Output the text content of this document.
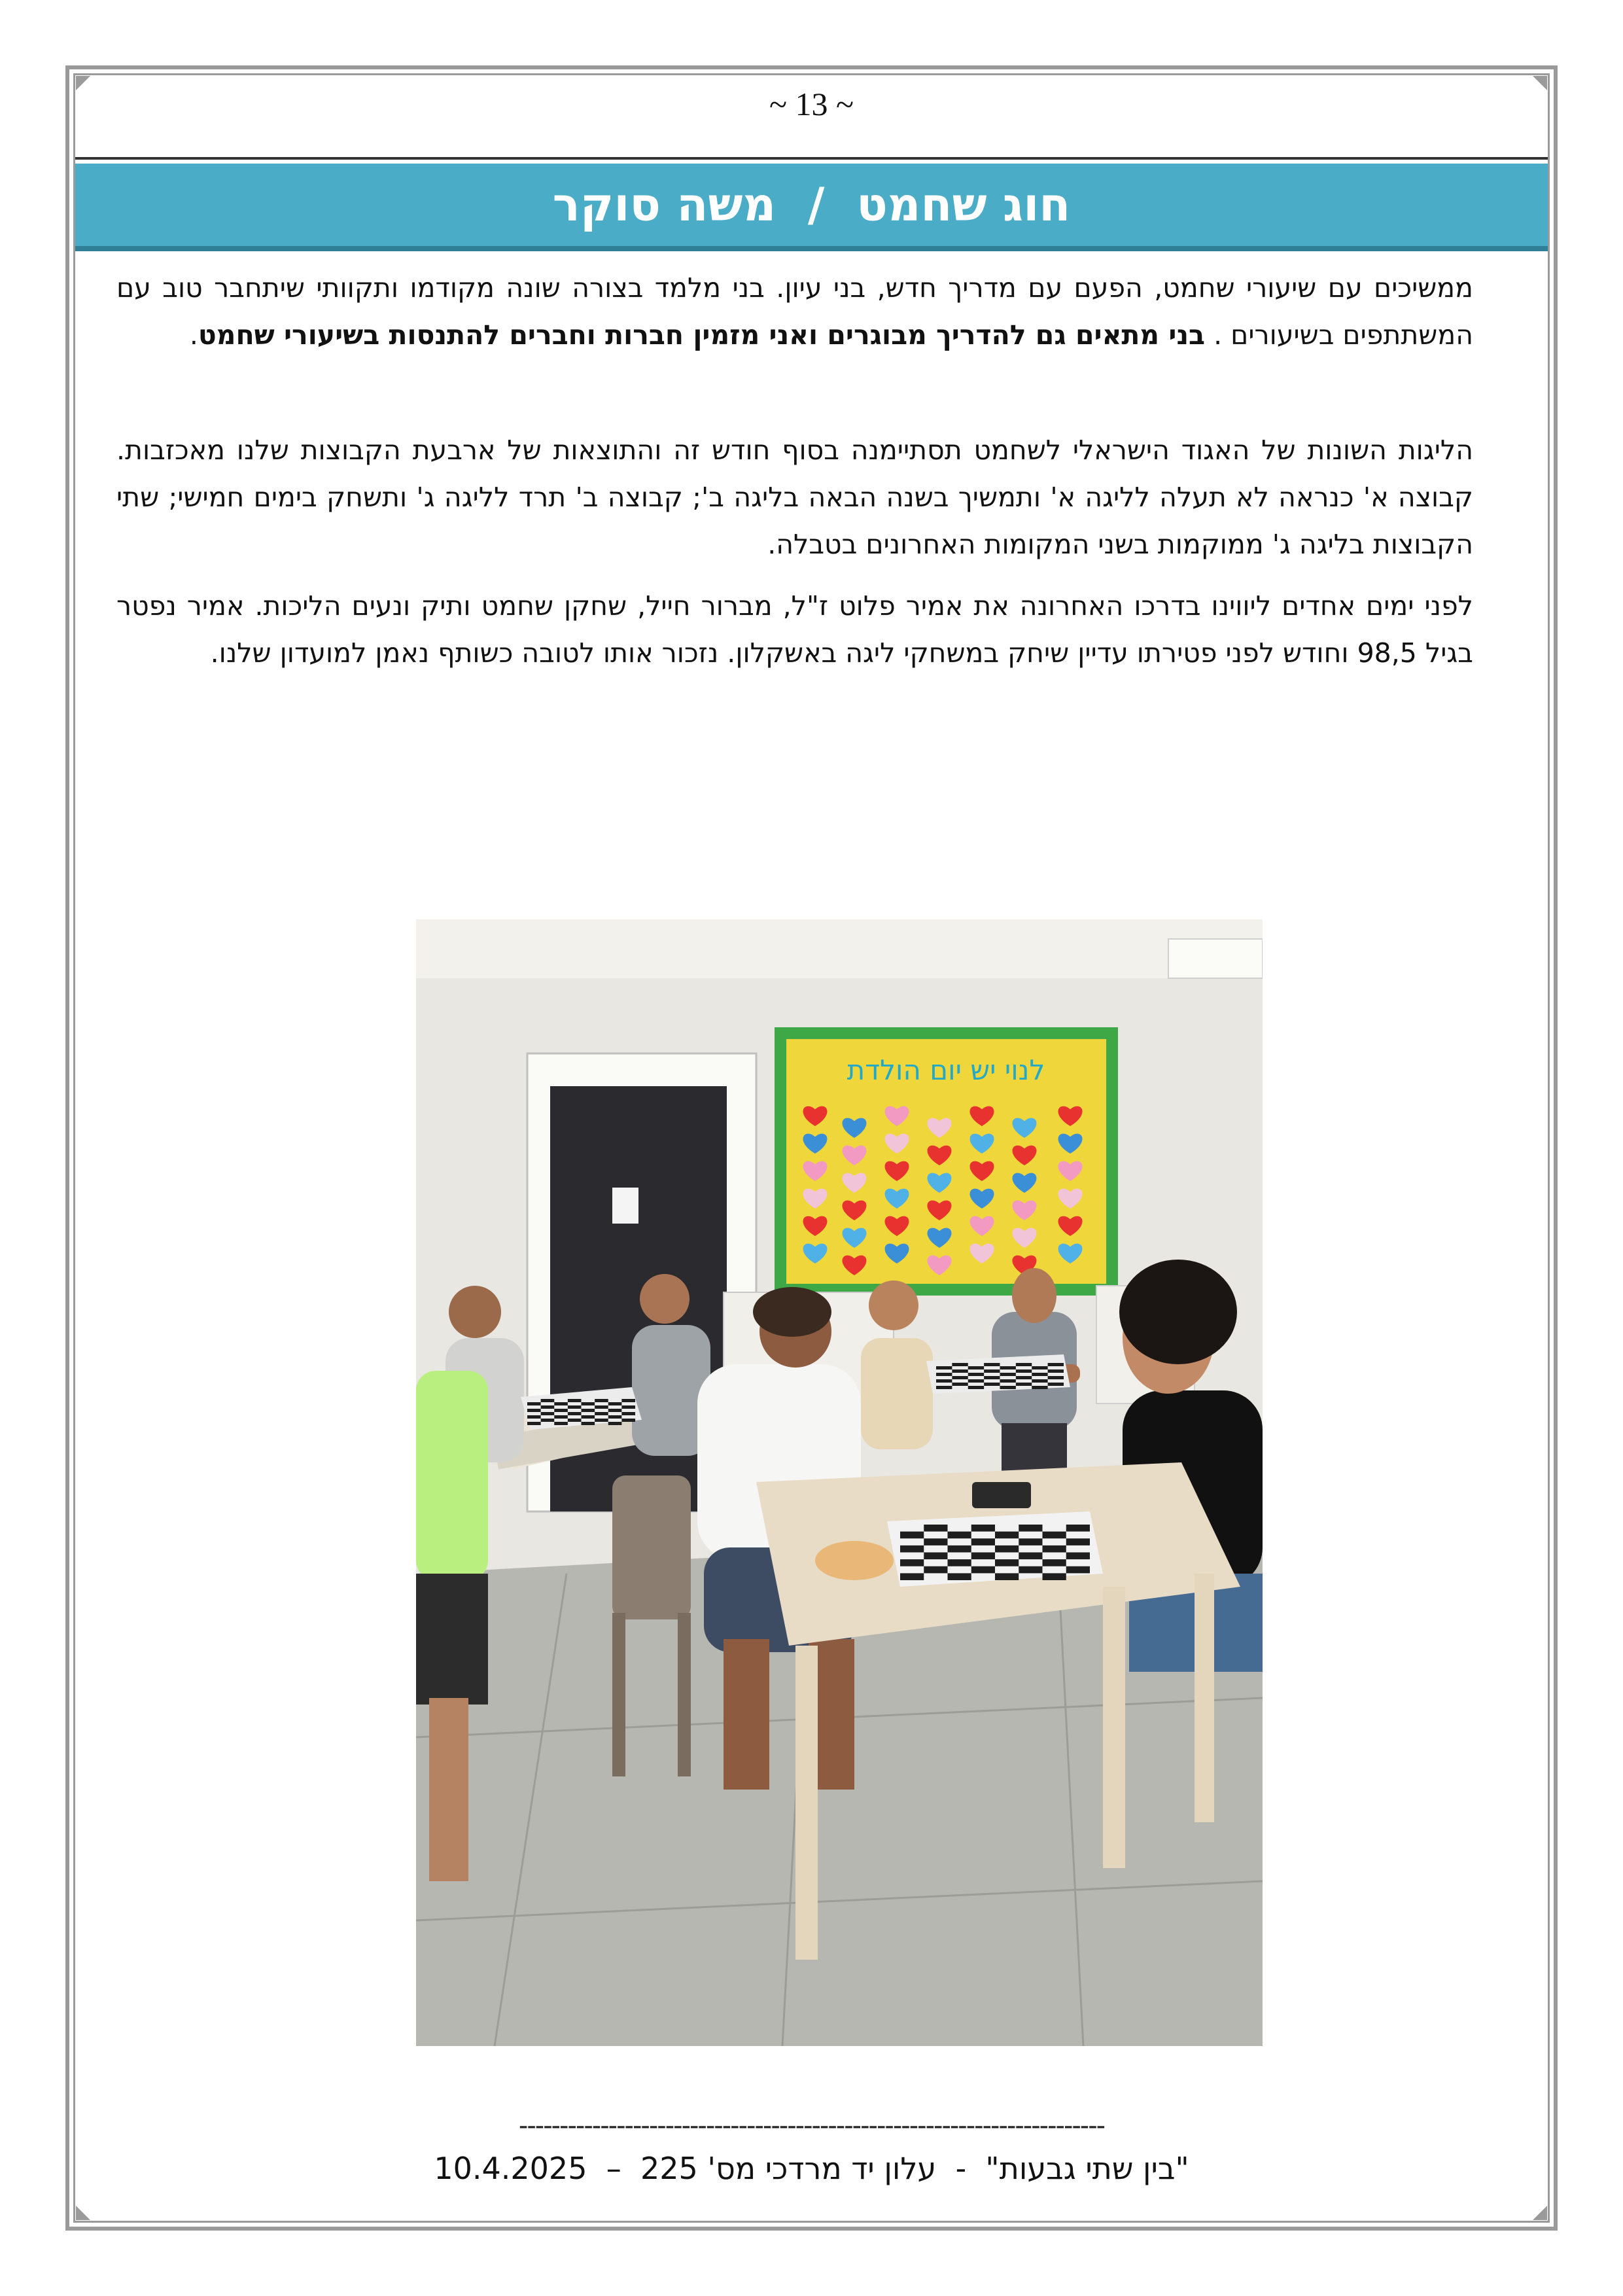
~ 13 ~
חוג שחמט  /  משה סוקר

ממשיכים עם שיעורי שחמט, הפעם עם מדריך חדש, בני עיון. בני מלמד בצורה שונה מקודמו ותקוותי שיתחבר טוב עם המשתתפים בשיעורים . בני מתאים גם להדריך מבוגרים ואני מזמין חברות וחברים להתנסות בשיעורי שחמט.

הליגות השונות של האגוד הישראלי לשחמט תסתיימנה בסוף חודש זה והתוצאות של ארבעת הקבוצות שלנו מאכזבות. קבוצה א' כנראה לא תעלה לליגה א' ותמשיך בשנה הבאה בליגה ב'; קבוצה ב' תרד לליגה ג' ותשחק בימים חמישי; שתי הקבוצות בליגה ג' ממוקמות בשני המקומות האחרונים בטבלה.

לפני ימים אחדים ליווינו בדרכו האחרונה את אמיר פלוט ז"ל, מברור חייל, שחקן שחמט ותיק ונעים הליכות. אמיר נפטר בגיל 98,5 וחודש לפני פטירתו עדיין שיחק במשחקי ליגה באשקלון. נזכור אותו לטובה כשותף נאמן למועדון שלנו.

לנוי יש יום הולדת
------------------------------------------------------------------------
"בין שתי גבעות"  -  עלון יד מרדכי מס' 225  –  10.4.2025
